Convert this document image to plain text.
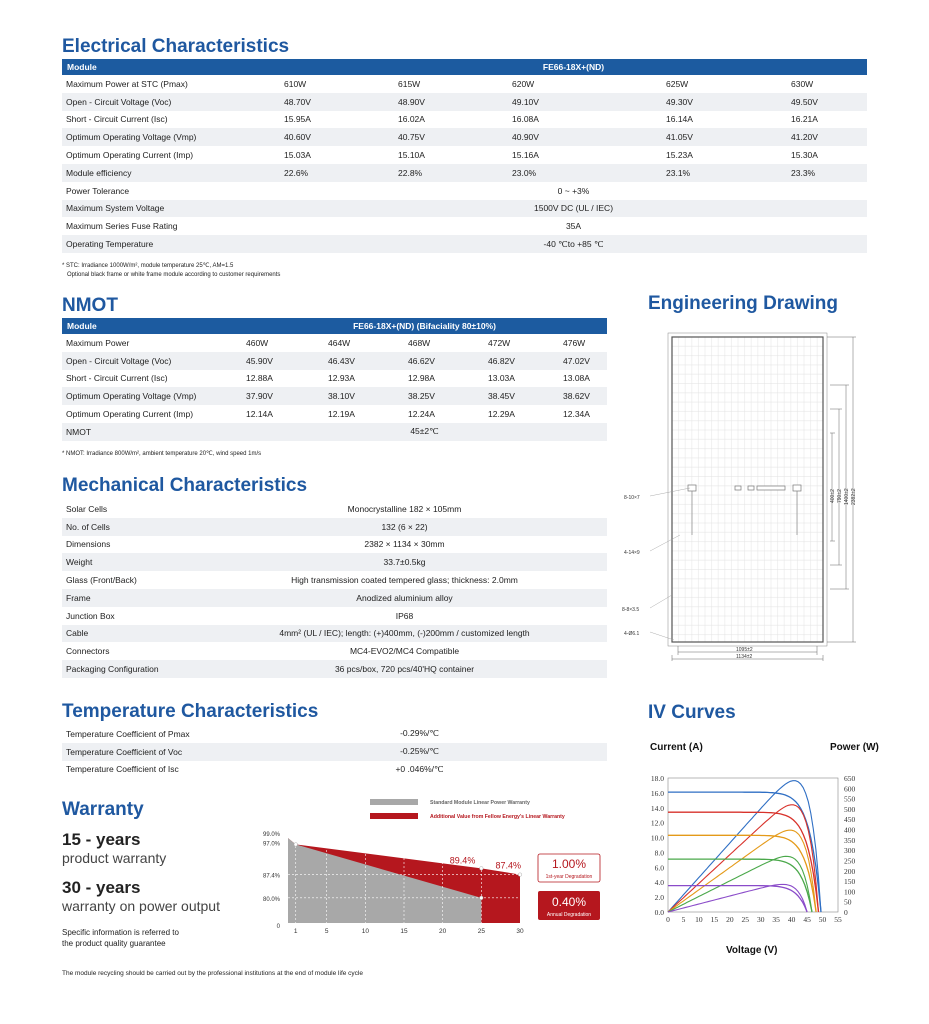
Electrical Characteristics
Module	FE66-18X+(ND)				
Maximum Power at STC (Pmax)	610W	615W	620W	625W	630W
Open - Circuit Voltage (Voc)	48.70V	48.90V	49.10V	49.30V	49.50V
Short - Circuit Current (Isc)	15.95A	16.02A	16.08A	16.14A	16.21A
Optimum Operating Voltage (Vmp)	40.60V	40.75V	40.90V	41.05V	41.20V
Optimum Operating Current (Imp)	15.03A	15.10A	15.16A	15.23A	15.30A
Module efficiency	22.6%	22.8%	23.0%	23.1%	23.3%
Power Tolerance	0 ~ +3%				
Maximum System Voltage	1500V DC (UL / IEC)				
Maximum Series Fuse Rating	35A				
Operating Temperature	-40 ℃to +85 ℃				
* STC: Irradiance 1000W/m², module temperature 25℃, AM=1.5
Optional black frame or white frame module according to customer requirements
NMOT
Module	FE66-18X+(ND) (Bifaciality 80±10%)				
Maximum Power	460W	464W	468W	472W	476W
Open - Circuit Voltage (Voc)	45.90V	46.43V	46.62V	46.82V	47.02V
Short - Circuit Current (Isc)	12.88A	12.93A	12.98A	13.03A	13.08A
Optimum Operating Voltage (Vmp)	37.90V	38.10V	38.25V	38.45V	38.62V
Optimum Operating Current (Imp)	12.14A	12.19A	12.24A	12.29A	12.34A
NMOT	45±2℃				
* NMOT: Irradiance 800W/m², ambient temperature 20℃, wind speed 1m/s
Mechanical Characteristics
Solar Cells	Monocrystalline 182 × 105mm
No. of Cells	132 (6 × 22)
Dimensions	2382 × 1134 × 30mm
Weight	33.7±0.5kg
Glass (Front/Back)	High transmission coated tempered glass; thickness: 2.0mm
Frame	Anodized aluminium alloy
Junction Box	IP68
Cable	4mm² (UL / IEC); length: (+)400mm, (-)200mm / customized length
Connectors	MC4-EVO2/MC4 Compatible
Packaging Configuration	36 pcs/box, 720 pcs/40'HQ container
Temperature Characteristics
Temperature Coefficient of Pmax	-0.29%/℃
Temperature Coefficient of Voc	-0.25%/℃
Temperature Coefficient of Isc	+0 .046%/℃
Warranty
15 - years
product warranty
30 - years
warranty on power output
Specific information is referred to
the product quality guarantee
99.0%
97.0%
87.4%
80.0%
0
1	5	10	15	20	25	30
89.4%
87.4%
Standard Module Linear Power Warranty
Additional Value from Fellow Energy's Linear Warranty
1.00%
1st-year Degradation
0.40%
Annual Degradation
The module recycling should be carried out by the professional institutions at the end of module life cycle
Engineering Drawing
8-10×7
4-14×9
8-8×3.5
4-Ø6.1
1095±2
1134±2
400±2 790±2 1400±2 2382±2
IV Curves
Current (A)	Power (W)
0.0
2.0
4.0
6.0
8.0
10.0
12.0
14.0
16.0
18.0
0
50
100
150
200
250
300
350
400
450
500
550
600
650
0 5 10 15 20 25 30 35 40 45 50 55
Voltage (V)
